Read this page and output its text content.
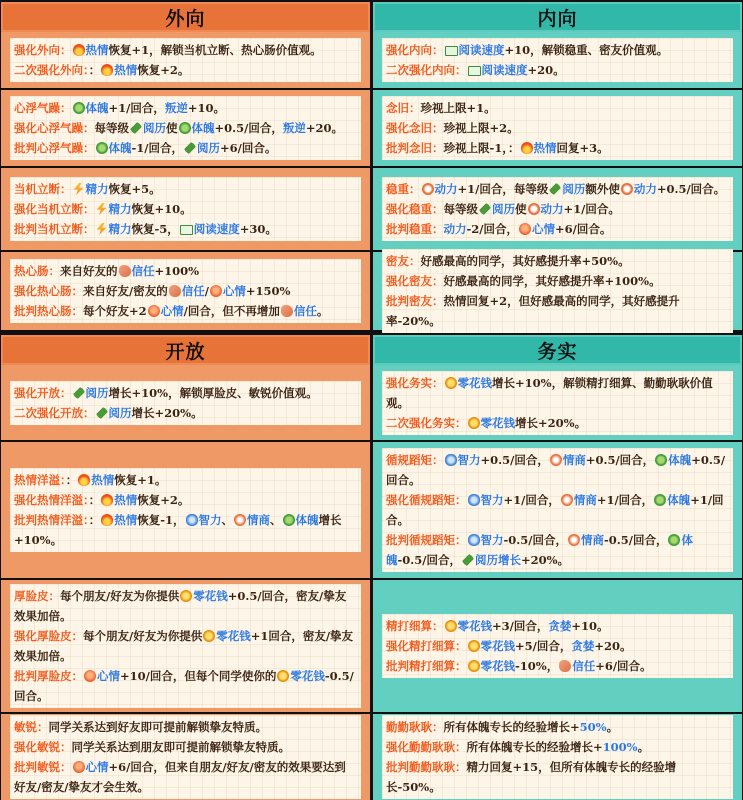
外向
强化外向： 热情恢复+1，解锁当机立断、热心肠价值观。
二次强化外向：： 热情恢复+2。
心浮气躁： 体魄+1/回合，叛逆+10。
强化心浮气躁：每等级 阅历使 体魄+0.5/回合，叛逆+20。
批判心浮气躁： 体魄-1/回合， 阅历+6/回合。
当机立断： 精力恢复+5。
强化当机立断： 精力恢复+10。
批判当机立断： 精力恢复-5， 阅读速度+30。
热心肠：来自好友的 信任+100%
强化热心肠：来自好友/密友的 信任/ 心情+150%
批判热心肠：每个好友+2 心情/回合，但不再增加 信任。
开放
强化开放： 阅历增长+10%，解锁厚脸皮、敏锐价值观。
二次强化开放： 阅历增长+20%。
热情洋溢：： 热情恢复+1。
强化热情洋溢：： 热情恢复+2。
批判热情洋溢：： 热情恢复-1， 智力、 情商、 体魄增长+10%。
厚脸皮：每个朋友/好友为你提供 零花钱+0.5/回合，密友/挚友效果加倍。
强化厚脸皮：每个朋友/好友为你提供 零花钱+1回合，密友/挚友效果加倍。
批判厚脸皮： 心情+10/回合，但每个同学使你的 零花钱-0.5/回合。
敏锐：同学关系达到好友即可提前解锁挚友特质。
强化敏锐：同学关系达到朋友即可提前解锁挚友特质。
批判敏锐： 心情+6/回合，但来自朋友/好友/密友的效果要达到好友/密友/挚友才会生效。
内向
强化内向： 阅读速度+10，解锁稳重、密友价值观。
二次强化内向： 阅读速度+20。
念旧：珍视上限+1。
强化念旧：珍视上限+2。
批判念旧：珍视上限-1，： 热情回复+3。
稳重： 动力+1/回合，每等级 阅历额外使 动力+0.5/回合。
强化稳重：每等级 阅历使 动力+1/回合。
批判稳重：动力-2/回合， 心情+6/回合。
密友：好感最高的同学，其好感提升率+50%。
强化密友：好感最高的同学，其好感提升率+100%。
批判密友：热情回复+2，但好感最高的同学，其好感提升率-20%。
务实
强化务实： 零花钱增长+10%，解锁精打细算、勤勤耿耿价值观。
二次强化务实： 零花钱增长+20%。
循规蹈矩： 智力+0.5/回合， 情商+0.5/回合， 体魄+0.5/回合。
强化循规蹈矩： 智力+1/回合， 情商+1/回合， 体魄+1/回合。
批判循规蹈矩： 智力-0.5/回合， 情商-0.5/回合， 体魄-0.5/回合， 阅历增长+20%。
精打细算： 零花钱+3/回合，贪婪+10。
强化精打细算： 零花钱+5/回合，贪婪+20。
批判精打细算： 零花钱-10%， 信任+6/回合。
勤勤耿耿：所有体魄专长的经验增长+50%。
强化勤勤耿耿：所有体魄专长的经验增长+100%。
批判勤勤耿耿：精力回复+15，但所有体魄专长的经验增长-50%。
